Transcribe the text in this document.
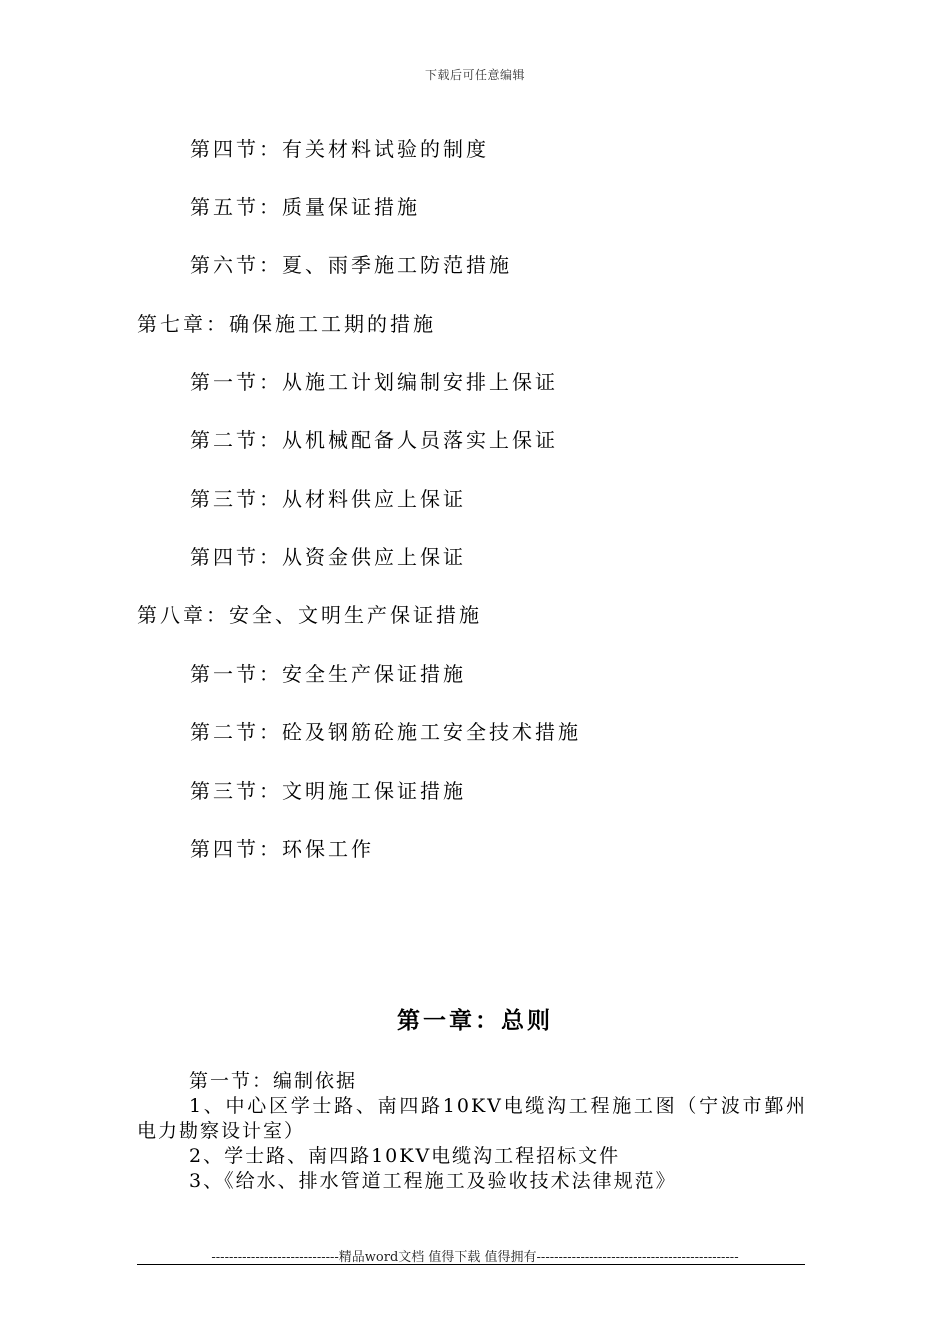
下载后可任意编辑
第四节：有关材料试验的制度
第五节：质量保证措施
第六节：夏、雨季施工防范措施
第七章：确保施工工期的措施
第一节：从施工计划编制安排上保证
第二节：从机械配备人员落实上保证
第三节：从材料供应上保证
第四节：从资金供应上保证
第八章：安全、文明生产保证措施
第一节：安全生产保证措施
第二节：砼及钢筋砼施工安全技术措施
第三节：文明施工保证措施
第四节：环保工作
第一章：总则

第一节：编制依据

1、中心区学士路、南四路10KV电缆沟工程施工图（宁波市鄞州电力勘察设计室）

2、学士路、南四路10KV电缆沟工程招标文件

3、《给水、排水管道工程施工及验收技术法律规范》

-----------------------------精品word文档 值得下载 值得拥有----------------------------------------------
